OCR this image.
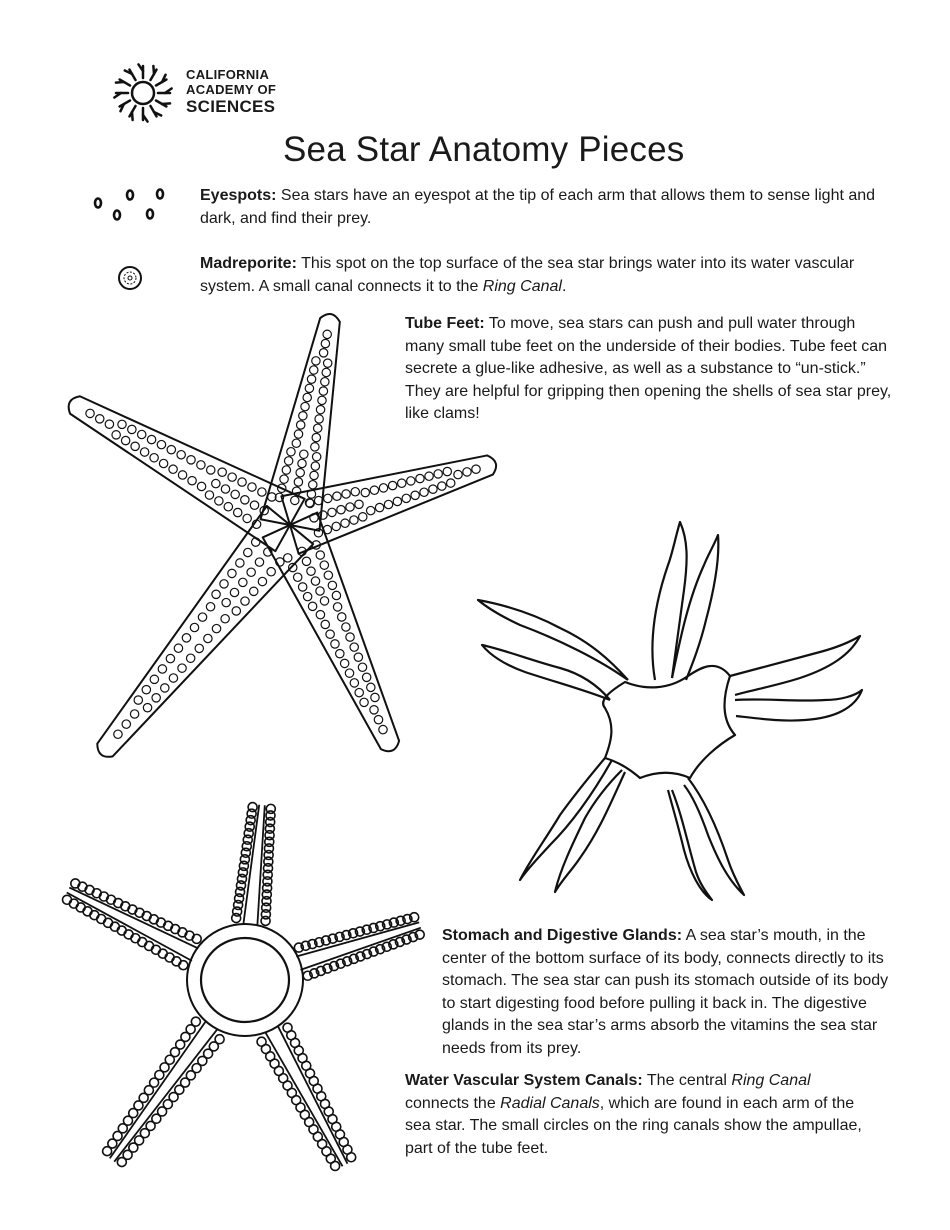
CALIFORNIA
ACADEMY OF
SCIENCES
Sea Star Anatomy Pieces
Eyespots: Sea stars have an eyespot at the tip of each arm that allows them to sense light and dark, and find their prey.
Madreporite: This spot on the top surface of the sea star brings water into its water vascular system. A small canal connects it to the Ring Canal.
Tube Feet: To move, sea stars can push and pull water through many small tube feet on the underside of their bodies. Tube feet can secrete a glue-like adhesive, as well as a substance to “un-stick.” They are helpful for gripping then opening the shells of sea star prey, like clams!
Stomach and Digestive Glands: A sea star’s mouth, in the center of the bottom surface of its body, connects directly to its stomach. The sea star can push its stomach outside of its body to start digesting food before pulling it back in. The digestive glands in the sea star’s arms absorb the vitamins the sea star needs from its prey.
Water Vascular System Canals: The central Ring Canal connects the Radial Canals, which are found in each arm of the sea star. The small circles on the ring canals show the ampullae, part of the tube feet.
